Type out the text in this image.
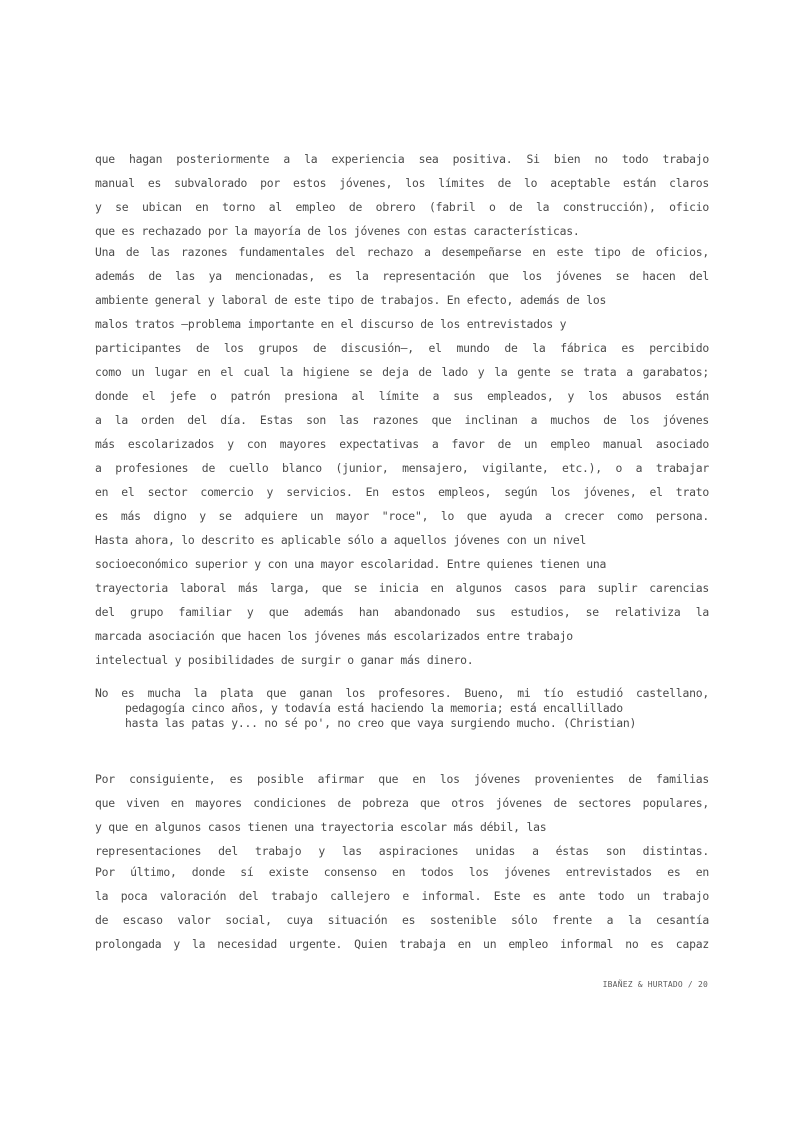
que hagan posteriormente a la experiencia sea positiva. Si bien no todo trabajo
manual es subvalorado por estos jóvenes, los límites de lo aceptable están claros
y se ubican en torno al empleo de obrero (fabril o de la construcción), oficio
que es rechazado por la mayoría de los jóvenes con estas características.
Una de las razones fundamentales del rechazo a desempeñarse en este tipo de oficios,
además de las ya mencionadas, es la representación que los jóvenes se hacen del
ambiente general y laboral de este tipo de trabajos. En efecto, además de los
malos tratos —problema importante en el discurso de los entrevistados y
participantes de los grupos de discusión—, el mundo de la fábrica es percibido
como un lugar en el cual la higiene se deja de lado y la gente se trata a garabatos;
donde el jefe o patrón presiona al límite a sus empleados, y los abusos están
a la orden del día. Estas son las razones que inclinan a muchos de los jóvenes
más escolarizados y con mayores expectativas a favor de un empleo manual asociado
a profesiones de cuello blanco (junior, mensajero, vigilante, etc.), o a trabajar
en el sector comercio y servicios. En estos empleos, según los jóvenes, el trato
es más digno y se adquiere un mayor "roce", lo que ayuda a crecer como persona.
Hasta ahora, lo descrito es aplicable sólo a aquellos jóvenes con un nivel
socioeconómico superior y con una mayor escolaridad. Entre quienes tienen una
trayectoria laboral más larga, que se inicia en algunos casos para suplir carencias
del grupo familiar y que además han abandonado sus estudios, se relativiza la
marcada asociación que hacen los jóvenes más escolarizados entre trabajo
intelectual y posibilidades de surgir o ganar más dinero.
No es mucha la plata que ganan los profesores. Bueno, mi tío estudió castellano,
pedagogía cinco años, y todavía está haciendo la memoria; está encallillado
hasta las patas y... no sé po', no creo que vaya surgiendo mucho. (Christian)
Por consiguiente, es posible afirmar que en los jóvenes provenientes de familias
que viven en mayores condiciones de pobreza que otros jóvenes de sectores populares,
y que en algunos casos tienen una trayectoria escolar más débil, las
representaciones del trabajo y las aspiraciones unidas a éstas son distintas.
Por último, donde sí existe consenso en todos los jóvenes entrevistados es en
la poca valoración del trabajo callejero e informal. Este es ante todo un trabajo
de escaso valor social, cuya situación es sostenible sólo frente a la cesantía
prolongada y la necesidad urgente. Quien trabaja en un empleo informal no es capaz
IBAÑEZ & HURTADO / 20
